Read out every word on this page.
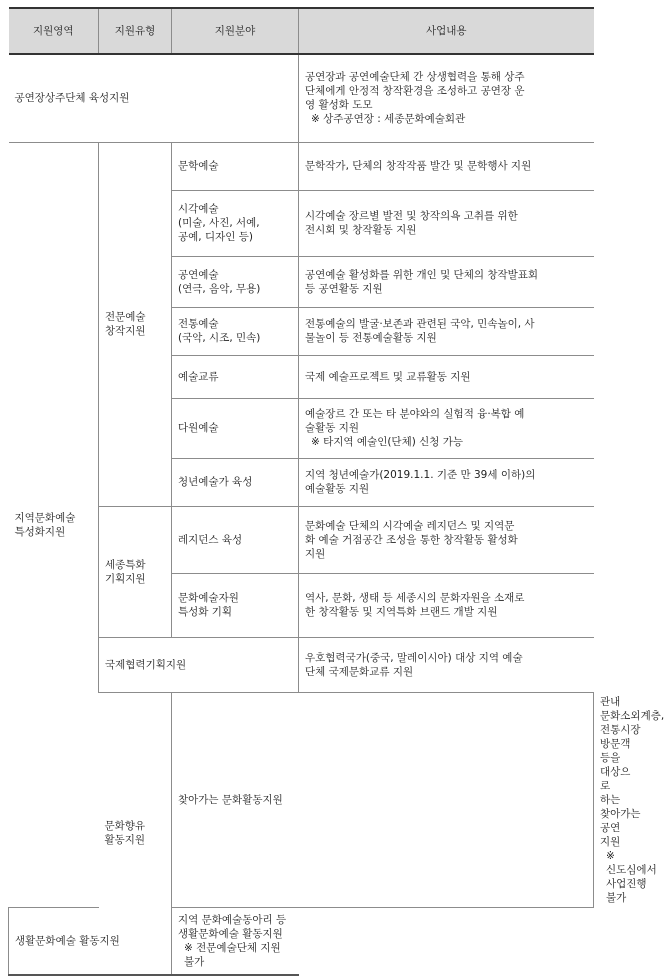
지원영역	지원유형	지원분야	사업내용	
공연장상주단체 육성지원			공연장과 공연예술단체 간 상생협력을 통해 상주
단체에게 안정적 창작환경을 조성하고 공연장 운
영 활성화 도모
※ 상주공연장 : 세종문화예술회관	

지역문화예술
특성화지원	전문예술
창작지원	문학예술	문학작가, 단체의 창작작품 발간 및 문학행사 지원	

		시각예술
(미술, 사진, 서예,
공예, 디자인 등)	시각예술 장르별 발전 및 창작의욕 고취를 위한
전시회 및 창작활동 지원	

		공연예술
(연극, 음악, 무용)	공연예술 활성화를 위한 개인 및 단체의 창작발표회
등 공연활동 지원	

		전통예술
(국악, 시조, 민속)	전통예술의 발굴·보존과 관련된 국악, 민속놀이, 사
물놀이 등 전통예술활동 지원	

		예술교류	국제 예술프로젝트 및 교류활동 지원	

		다원예술	예술장르 간 또는 타 분야와의 실험적 융·복합 예
술활동 지원
※ 타지역 예술인(단체) 신청 가능	

		청년예술가 육성	지역 청년예술가(2019.1.1. 기준 만 39세 이하)의
예술활동 지원	

	세종특화
기획지원	레지던스 육성	문화예술 단체의 시각예술 레지던스 및 지역문
화 예술 거점공간 조성을 통한 창작활동 활성화
지원	

		문화예술자원
특성화 기획	역사, 문화, 생태 등 세종시의 문화자원을 소재로
한 창작활동 및 지역특화 브랜드 개발 지원	

	국제협력기획지원		우호협력국가(중국, 말레이시아) 대상 지역 예술
단체 국제문화교류 지원	

	문화향유
활동지원	찾아가는 문화활동지원		관내 문화소외계층, 전통시장 방문객 등을 대상으
로 하는 찾아가는 공연 지원
※ 신도심에서 사업진행 불가

생활문화예술 활동지원		지역 문화예술동아리 등 생활문화예술 활동지원
※ 전문예술단체 지원 불가		
